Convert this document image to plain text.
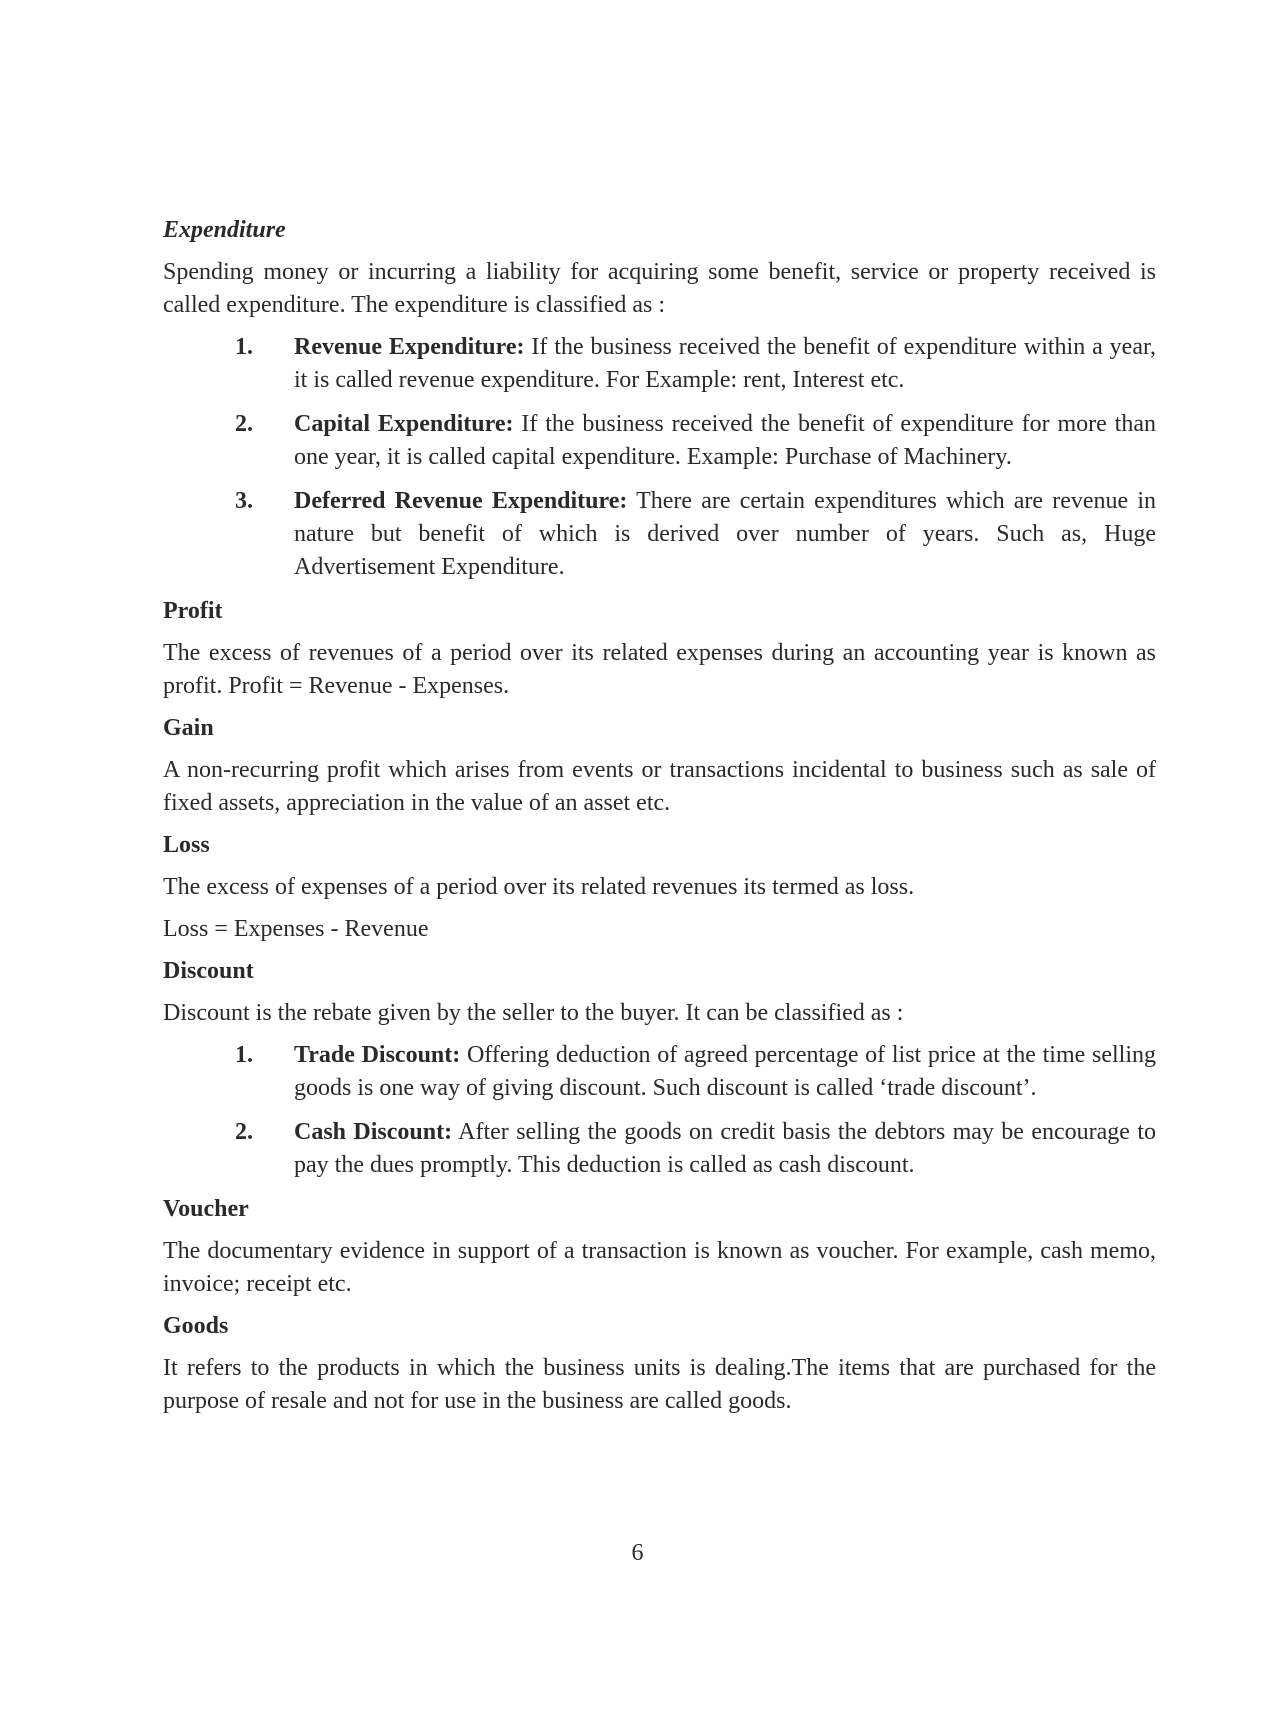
Expenditure

Spending money or incurring a liability for acquiring some benefit, service or property received is called expenditure. The expenditure is classified as :

1. Revenue Expenditure: If the business received the benefit of expenditure within a year, it is called revenue expenditure. For Example: rent, Interest etc.
2. Capital Expenditure: If the business received the benefit of expenditure for more than one year, it is called capital expenditure. Example: Purchase of Machinery.
3. Deferred Revenue Expenditure: There are certain expenditures which are revenue in nature but benefit of which is derived over number of years. Such as, Huge Advertisement Expenditure.
Profit

The excess of revenues of a period over its related expenses during an accounting year is known as profit. Profit = Revenue - Expenses.

Gain

A non-recurring profit which arises from events or transactions incidental to business such as sale of fixed assets, appreciation in the value of an asset etc.

Loss

The excess of expenses of a period over its related revenues its termed as loss.

Loss = Expenses - Revenue

Discount

Discount is the rebate given by the seller to the buyer. It can be classified as :

1. Trade Discount: Offering deduction of agreed percentage of list price at the time selling goods is one way of giving discount. Such discount is called ‘trade discount’.
2. Cash Discount: After selling the goods on credit basis the debtors may be encourage to pay the dues promptly. This deduction is called as cash discount.
Voucher

The documentary evidence in support of a transaction is known as voucher. For example, cash memo, invoice; receipt etc.

Goods

It refers to the products in which the business units is dealing.The items that are purchased for the purpose of resale and not for use in the business are called goods.

6
